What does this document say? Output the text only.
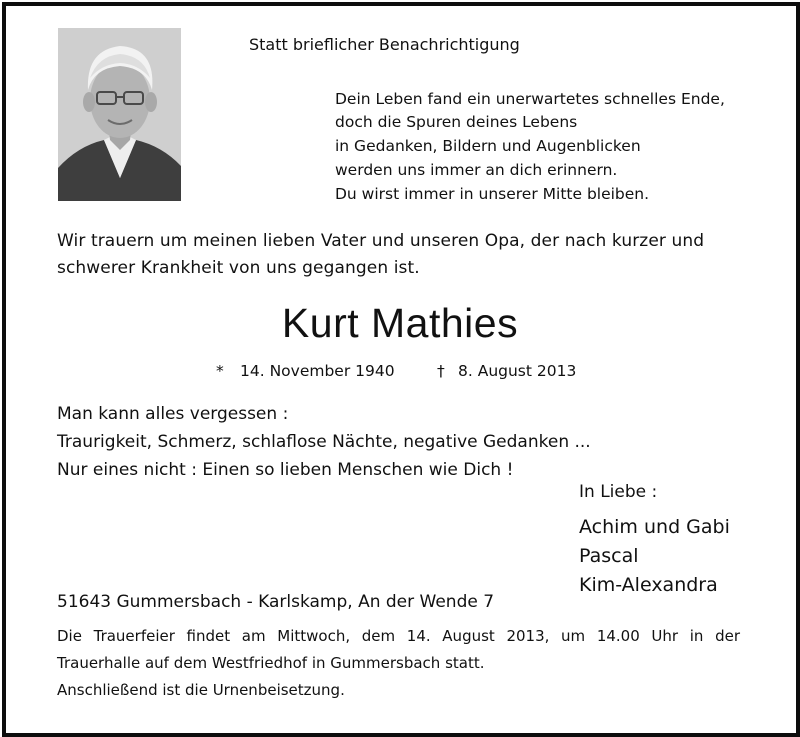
Statt brieflicher Benachrichtigung
Dein Leben fand ein unerwartetes schnelles Ende,
doch die Spuren deines Lebens
in Gedanken, Bildern und Augenblicken
werden uns immer an dich erinnern.
Du wirst immer in unserer Mitte bleiben.
Wir trauern um meinen lieben Vater und unseren Opa, der nach kurzer und
schwerer Krankheit von uns gegangen ist.
Kurt Mathies
* 14. November 1940	† 8. August 2013
Man kann alles vergessen :
Traurigkeit, Schmerz, schlaflose Nächte, negative Gedanken ...
Nur eines nicht : Einen so lieben Menschen wie Dich !
In Liebe :
Achim und Gabi
Pascal
Kim-Alexandra
51643 Gummersbach - Karlskamp, An der Wende 7
Die Trauerfeier findet am Mittwoch, dem 14. August 2013, um 14.00 Uhr in der
Trauerhalle auf dem Westfriedhof in Gummersbach statt.
Anschließend ist die Urnenbeisetzung.
